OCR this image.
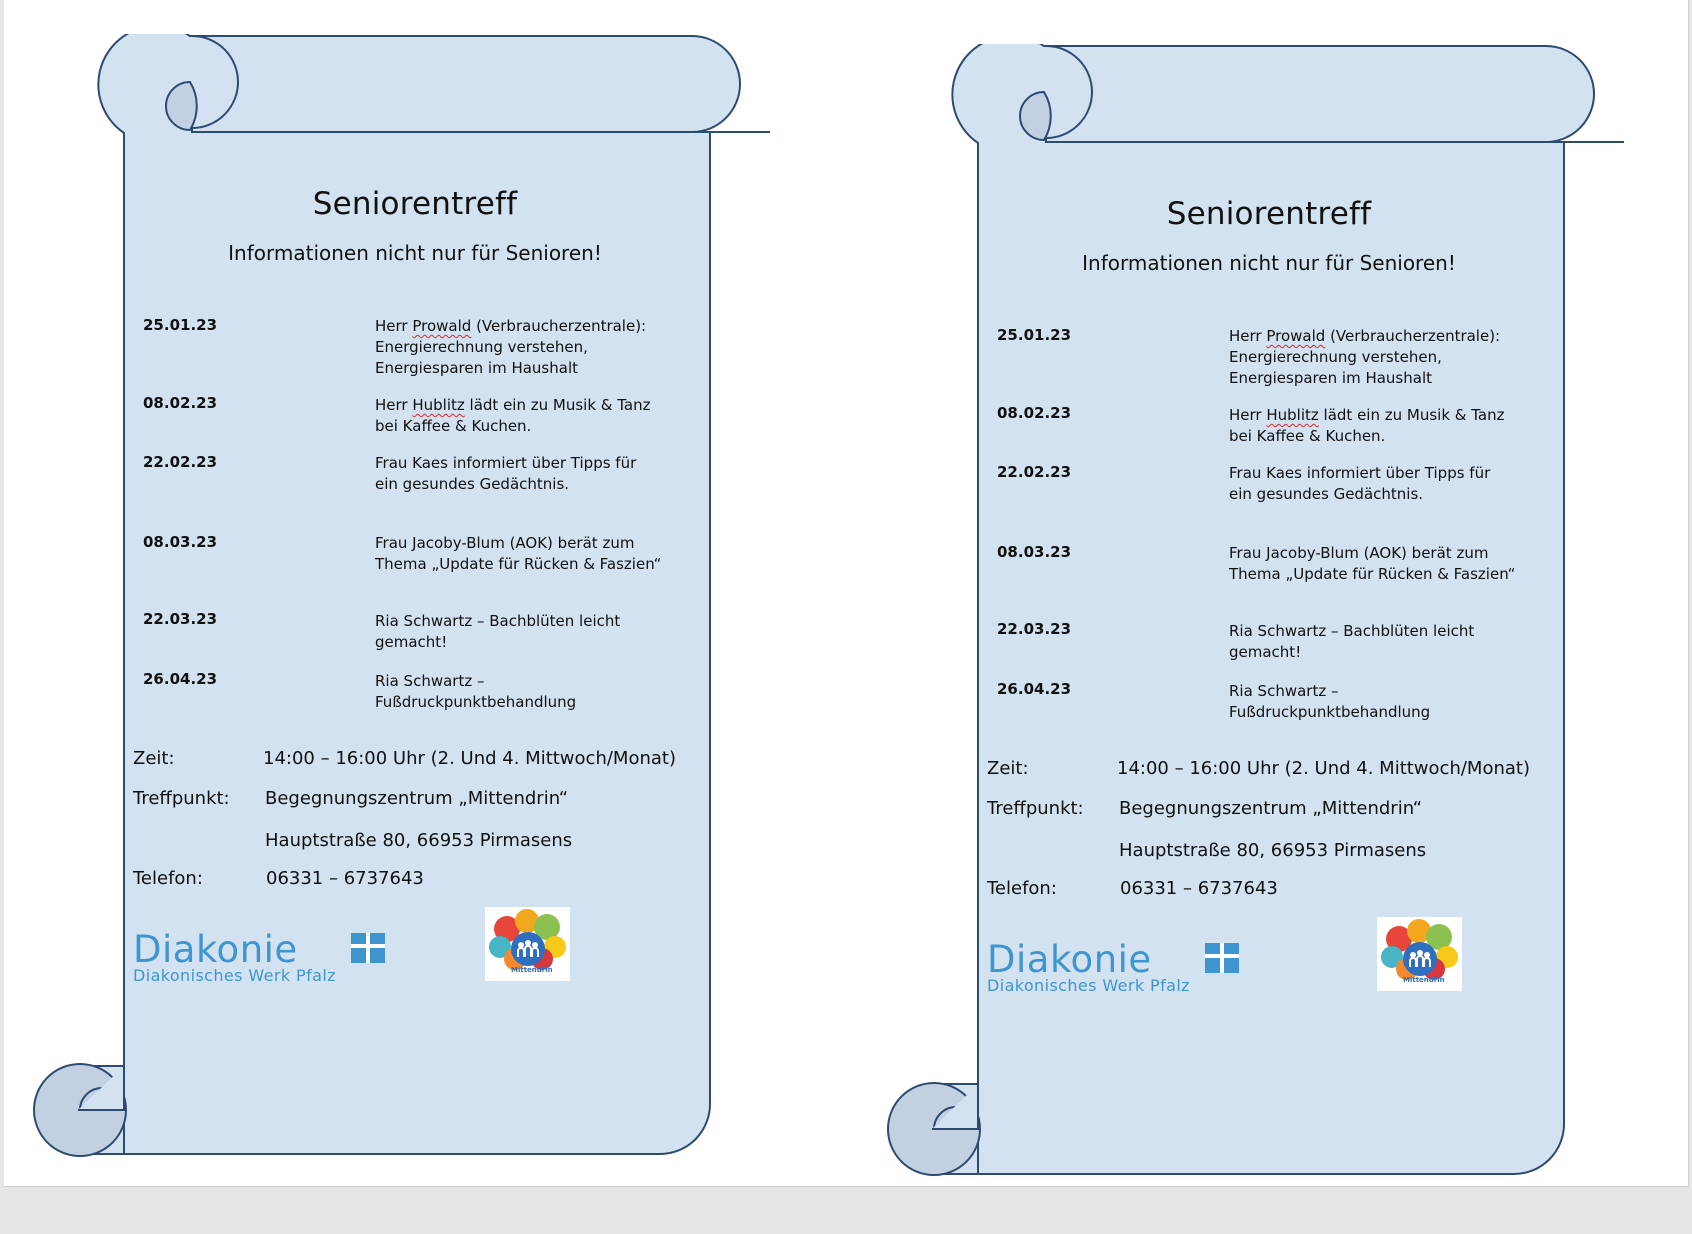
Seniorentreff
Informationen nicht nur für Senioren!
25.01.23	Herr Prowald (Verbraucherzentrale): Energierechnung verstehen, Energiesparen im Haushalt
08.02.23	Herr Hublitz lädt ein zu Musik & Tanz bei Kaffee & Kuchen.
22.02.23	Frau Kaes informiert über Tipps für ein gesundes Gedächtnis.
08.03.23	Frau Jacoby-Blum (AOK) berät zum Thema „Update für Rücken & Faszien“
22.03.23	Ria Schwartz – Bachblüten leicht gemacht!
26.04.23	Ria Schwartz – Fußdruckpunktbehandlung
Zeit:	14:00 – 16:00 Uhr (2. Und 4. Mittwoch/Monat)
Treffpunkt: Begegnungszentrum „Mittendrin“
Hauptstraße 80, 66953 Pirmasens
Telefon:	06331 – 6737643
Diakonie
Diakonisches Werk Pfalz	Mittendrin
Seniorentreff
Informationen nicht nur für Senioren!
25.01.23	Herr Prowald (Verbraucherzentrale): Energierechnung verstehen, Energiesparen im Haushalt
08.02.23	Herr Hublitz lädt ein zu Musik & Tanz bei Kaffee & Kuchen.
22.02.23	Frau Kaes informiert über Tipps für ein gesundes Gedächtnis.
08.03.23	Frau Jacoby-Blum (AOK) berät zum Thema „Update für Rücken & Faszien“
22.03.23	Ria Schwartz – Bachblüten leicht gemacht!
26.04.23	Ria Schwartz – Fußdruckpunktbehandlung
Zeit:	14:00 – 16:00 Uhr (2. Und 4. Mittwoch/Monat)
Treffpunkt: Begegnungszentrum „Mittendrin“
Hauptstraße 80, 66953 Pirmasens
Telefon:	06331 – 6737643
Diakonie
Diakonisches Werk Pfalz	Mittendrin
